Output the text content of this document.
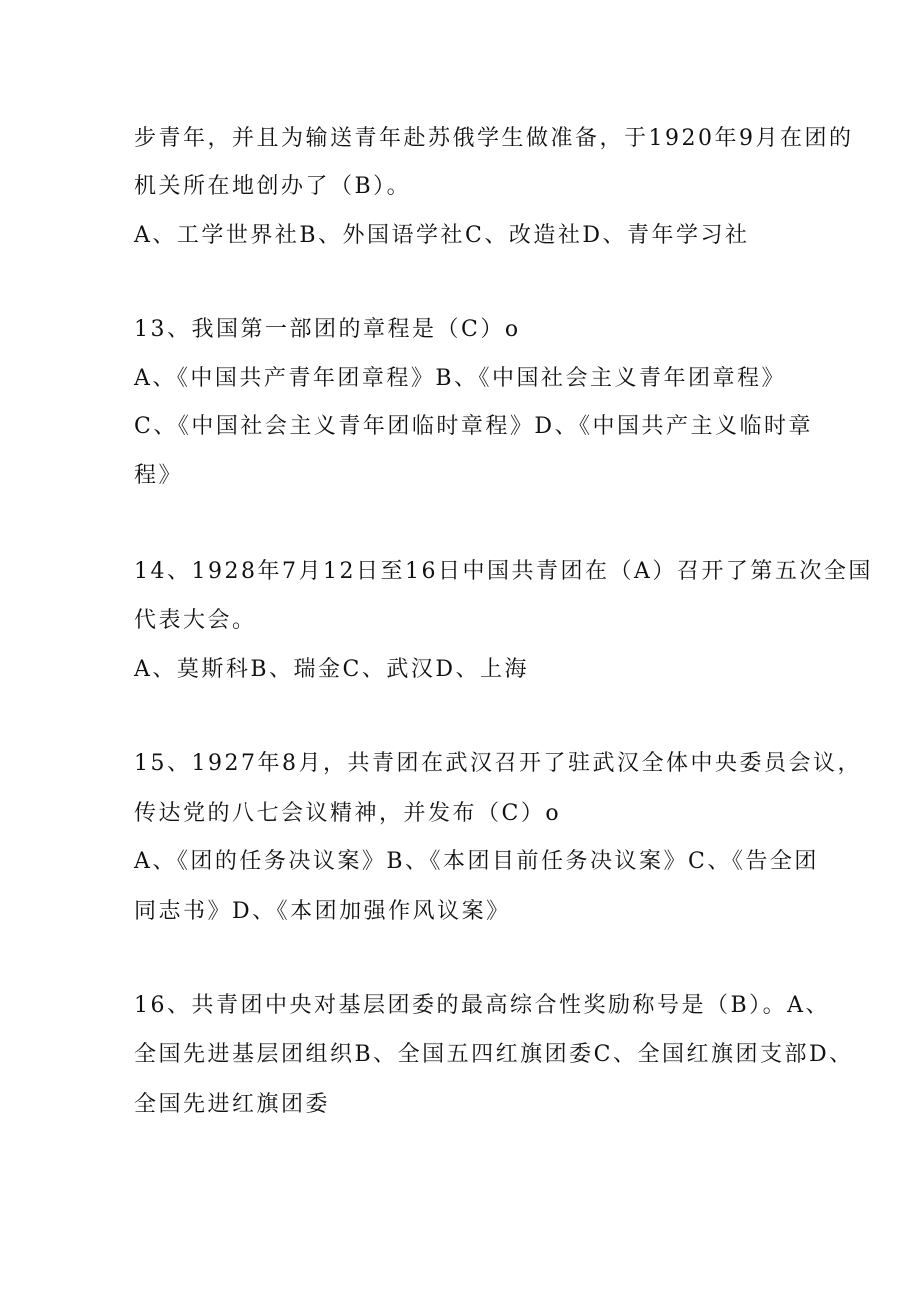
步青年，并且为输送青年赴苏俄学生做准备，于1920年9月在团的
机关所在地创办了（B）。
A、工学世界社B、外国语学社C、改造社D、青年学习社
13、我国第一部团的章程是（C）o
A、《中国共产青年团章程》B、《中国社会主义青年团章程》
C、《中国社会主义青年团临时章程》D、《中国共产主义临时章
程》
14、1928年7月12日至16日中国共青团在（A）召开了第五次全国
代表大会。
A、莫斯科B、瑞金C、武汉D、上海
15、1927年8月，共青团在武汉召开了驻武汉全体中央委员会议，
传达党的八七会议精神，并发布（C）o
A、《团的任务决议案》B、《本团目前任务决议案》C、《告全团
同志书》D、《本团加强作风议案》
16、共青团中央对基层团委的最高综合性奖励称号是（B）。A、
全国先进基层团组织B、全国五四红旗团委C、全国红旗团支部D、
全国先进红旗团委
